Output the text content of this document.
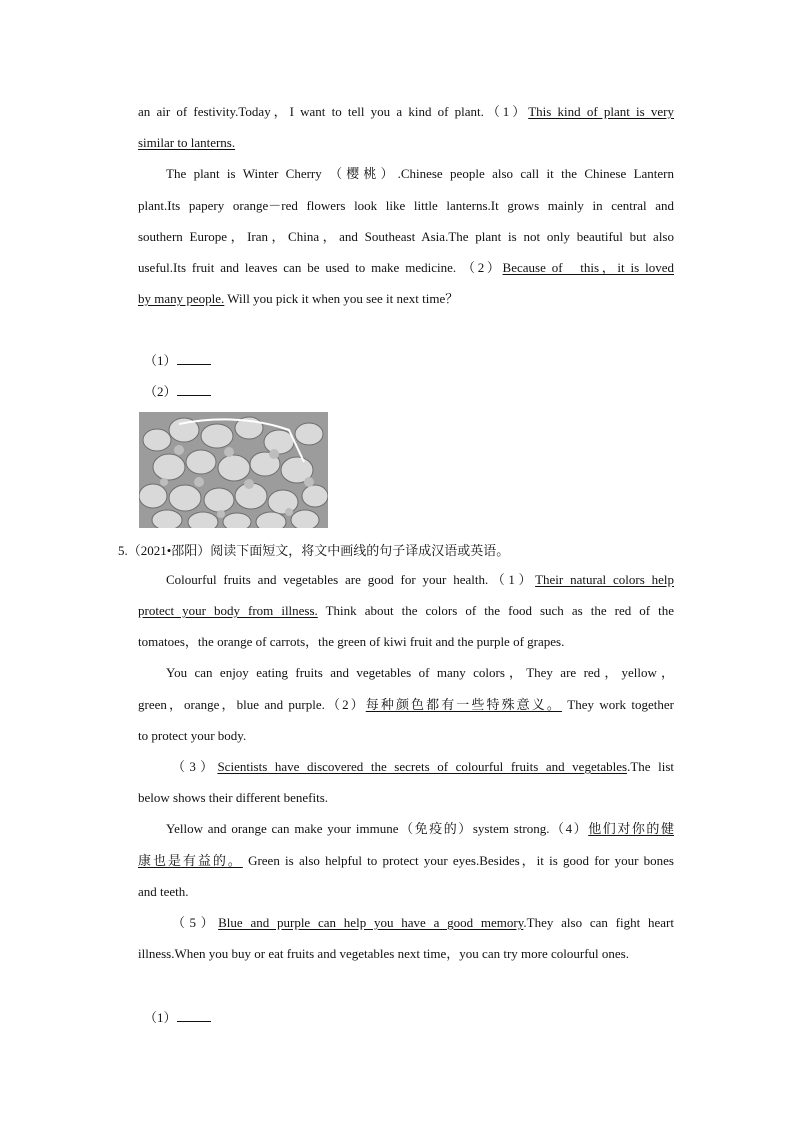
an air of festivity.Today，I want to tell you a kind of plant.（1）This kind of plant is very
similar to lanterns.
The plant is Winter Cherry （樱桃）.Chinese people also call it the Chinese Lantern
plant.Its papery orange－red flowers look like little lanterns.It grows mainly in central and
southern Europe，Iran，China，and Southeast Asia.The plant is not only beautiful but also
useful.Its fruit and leaves can be used to make medicine. （2）Because of   this，it is loved
by many people. Will you pick it when you see it next time？
（1）
（2）
5.（2021•邵阳）阅读下面短文，将文中画线的句子译成汉语或英语。
Colourful fruits and vegetables are good for your health.（1）Their natural colors help
protect your body from illness. Think about the colors of the food such as the red of the
tomatoes，the orange of carrots，the green of kiwi fruit and the purple of grapes.
You can enjoy eating fruits and vegetables of many colors，They are red，yellow，
green，orange，blue and purple.（2）每种颜色都有一些特殊意义。 They work together
to protect your body.
（3）Scientists have discovered the secrets of colourful fruits and vegetables.The list
below shows their different benefits.
Yellow and orange can make your immune（免疫的）system strong.（4）他们对你的健
康也是有益的。 Green is also helpful to protect your eyes.Besides，it is good for your bones
and teeth.
（5）Blue and purple can help you have a good memory.They also can fight heart
illness.When you buy or eat fruits and vegetables next time，you can try more colourful ones.
（1）
